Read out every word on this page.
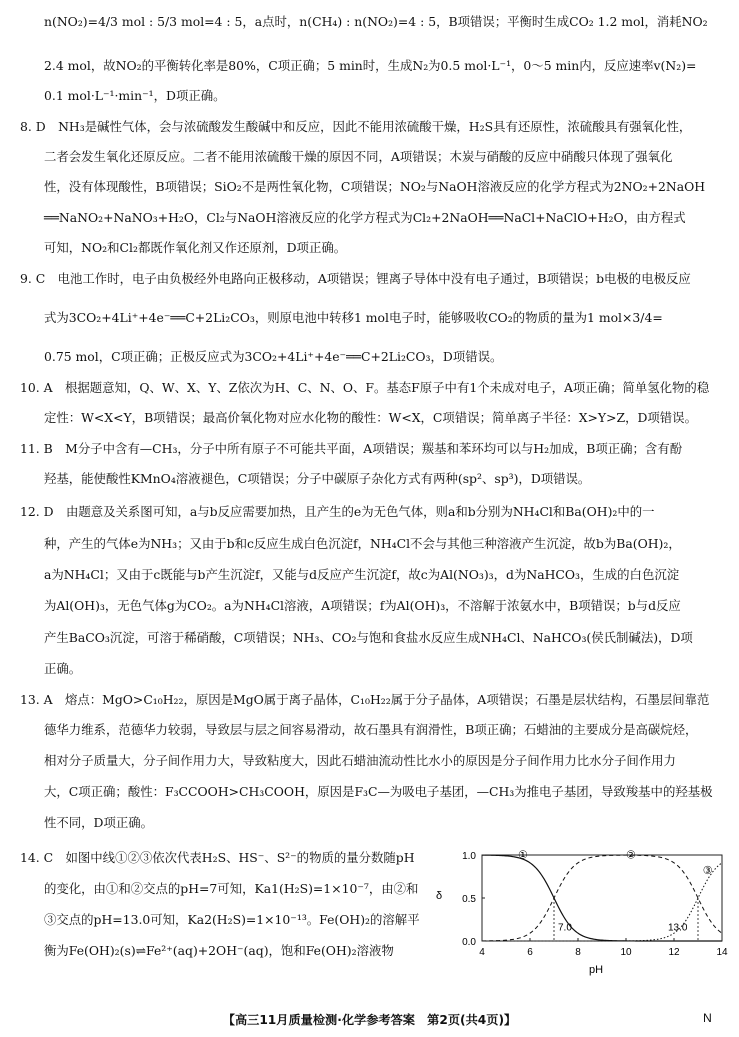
n(NO₂)=4/3 mol : 5/3 mol=4 : 5，a点时，n(CH₄) : n(NO₂)=4 : 5，B项错误；平衡时生成CO₂ 1.2 mol，消耗NO₂
2.4 mol，故NO₂的平衡转化率是80%，C项正确；5 min时，生成N₂为0.5 mol·L⁻¹，0～5 min内，反应速率v(N₂)=
0.1 mol·L⁻¹·min⁻¹，D项正确。
8. D　NH₃是碱性气体，会与浓硫酸发生酸碱中和反应，因此不能用浓硫酸干燥，H₂S具有还原性，浓硫酸具有强氧化性，
二者会发生氧化还原反应。二者不能用浓硫酸干燥的原因不同，A项错误；木炭与硝酸的反应中硝酸只体现了强氧化
性，没有体现酸性，B项错误；SiO₂不是两性氧化物，C项错误；NO₂与NaOH溶液反应的化学方程式为2NO₂+2NaOH
══NaNO₂+NaNO₃+H₂O，Cl₂与NaOH溶液反应的化学方程式为Cl₂+2NaOH══NaCl+NaClO+H₂O，由方程式
可知，NO₂和Cl₂都既作氧化剂又作还原剂，D项正确。
9. C　电池工作时，电子由负极经外电路向正极移动，A项错误；锂离子导体中没有电子通过，B项错误；b电极的电极反应
式为3CO₂+4Li⁺+4e⁻══C+2Li₂CO₃，则原电池中转移1 mol电子时，能够吸收CO₂的物质的量为1 mol×3/4=
0.75 mol，C项正确；正极反应式为3CO₂+4Li⁺+4e⁻══C+2Li₂CO₃，D项错误。
10. A　根据题意知，Q、W、X、Y、Z依次为H、C、N、O、F。基态F原子中有1个未成对电子，A项正确；简单氢化物的稳
定性：W<X<Y，B项错误；最高价氧化物对应水化物的酸性：W<X，C项错误；简单离子半径：X>Y>Z，D项错误。
11. B　M分子中含有—CH₃，分子中所有原子不可能共平面，A项错误；羰基和苯环均可以与H₂加成，B项正确；含有酚
羟基，能使酸性KMnO₄溶液褪色，C项错误；分子中碳原子杂化方式有两种(sp²、sp³)，D项错误。
12. D　由题意及关系图可知，a与b反应需要加热，且产生的e为无色气体，则a和b分别为NH₄Cl和Ba(OH)₂中的一
种，产生的气体e为NH₃；又由于b和c反应生成白色沉淀f，NH₄Cl不会与其他三种溶液产生沉淀，故b为Ba(OH)₂，
a为NH₄Cl；又由于c既能与b产生沉淀f，又能与d反应产生沉淀f，故c为Al(NO₃)₃，d为NaHCO₃，生成的白色沉淀
为Al(OH)₃，无色气体g为CO₂。a为NH₄Cl溶液，A项错误；f为Al(OH)₃，不溶解于浓氨水中，B项错误；b与d反应
产生BaCO₃沉淀，可溶于稀硝酸，C项错误；NH₃、CO₂与饱和食盐水反应生成NH₄Cl、NaHCO₃(侯氏制碱法)，D项
正确。
13. A　熔点：MgO>C₁₀H₂₂，原因是MgO属于离子晶体，C₁₀H₂₂属于分子晶体，A项错误；石墨是层状结构，石墨层间靠范
德华力维系，范德华力较弱，导致层与层之间容易滑动，故石墨具有润滑性，B项正确；石蜡油的主要成分是高碳烷烃，
相对分子质量大，分子间作用力大，导致粘度大，因此石蜡油流动性比水小的原因是分子间作用力比水分子间作用力
大，C项正确；酸性：F₃CCOOH>CH₃COOH，原因是F₃C—为吸电子基团，—CH₃为推电子基团，导致羧基中的羟基极
性不同，D项正确。
14. C　如图中线①②③依次代表H₂S、HS⁻、S²⁻的物质的量分数随pH
的变化，由①和②交点的pH=7可知，Ka1(H₂S)=1×10⁻⁷，由②和
③交点的pH=13.0可知，Ka2(H₂S)=1×10⁻¹³。Fe(OH)₂的溶解平
衡为Fe(OH)₂(s)⇌Fe²⁺(aq)+2OH⁻(aq)，饱和Fe(OH)₂溶液物
δ
pH
0.0
0.5
1.0
4	6	8	10	12	14
①	②
③
7.0	13.0
【高三11月质量检测·化学参考答案　第2页(共4页)】	N
